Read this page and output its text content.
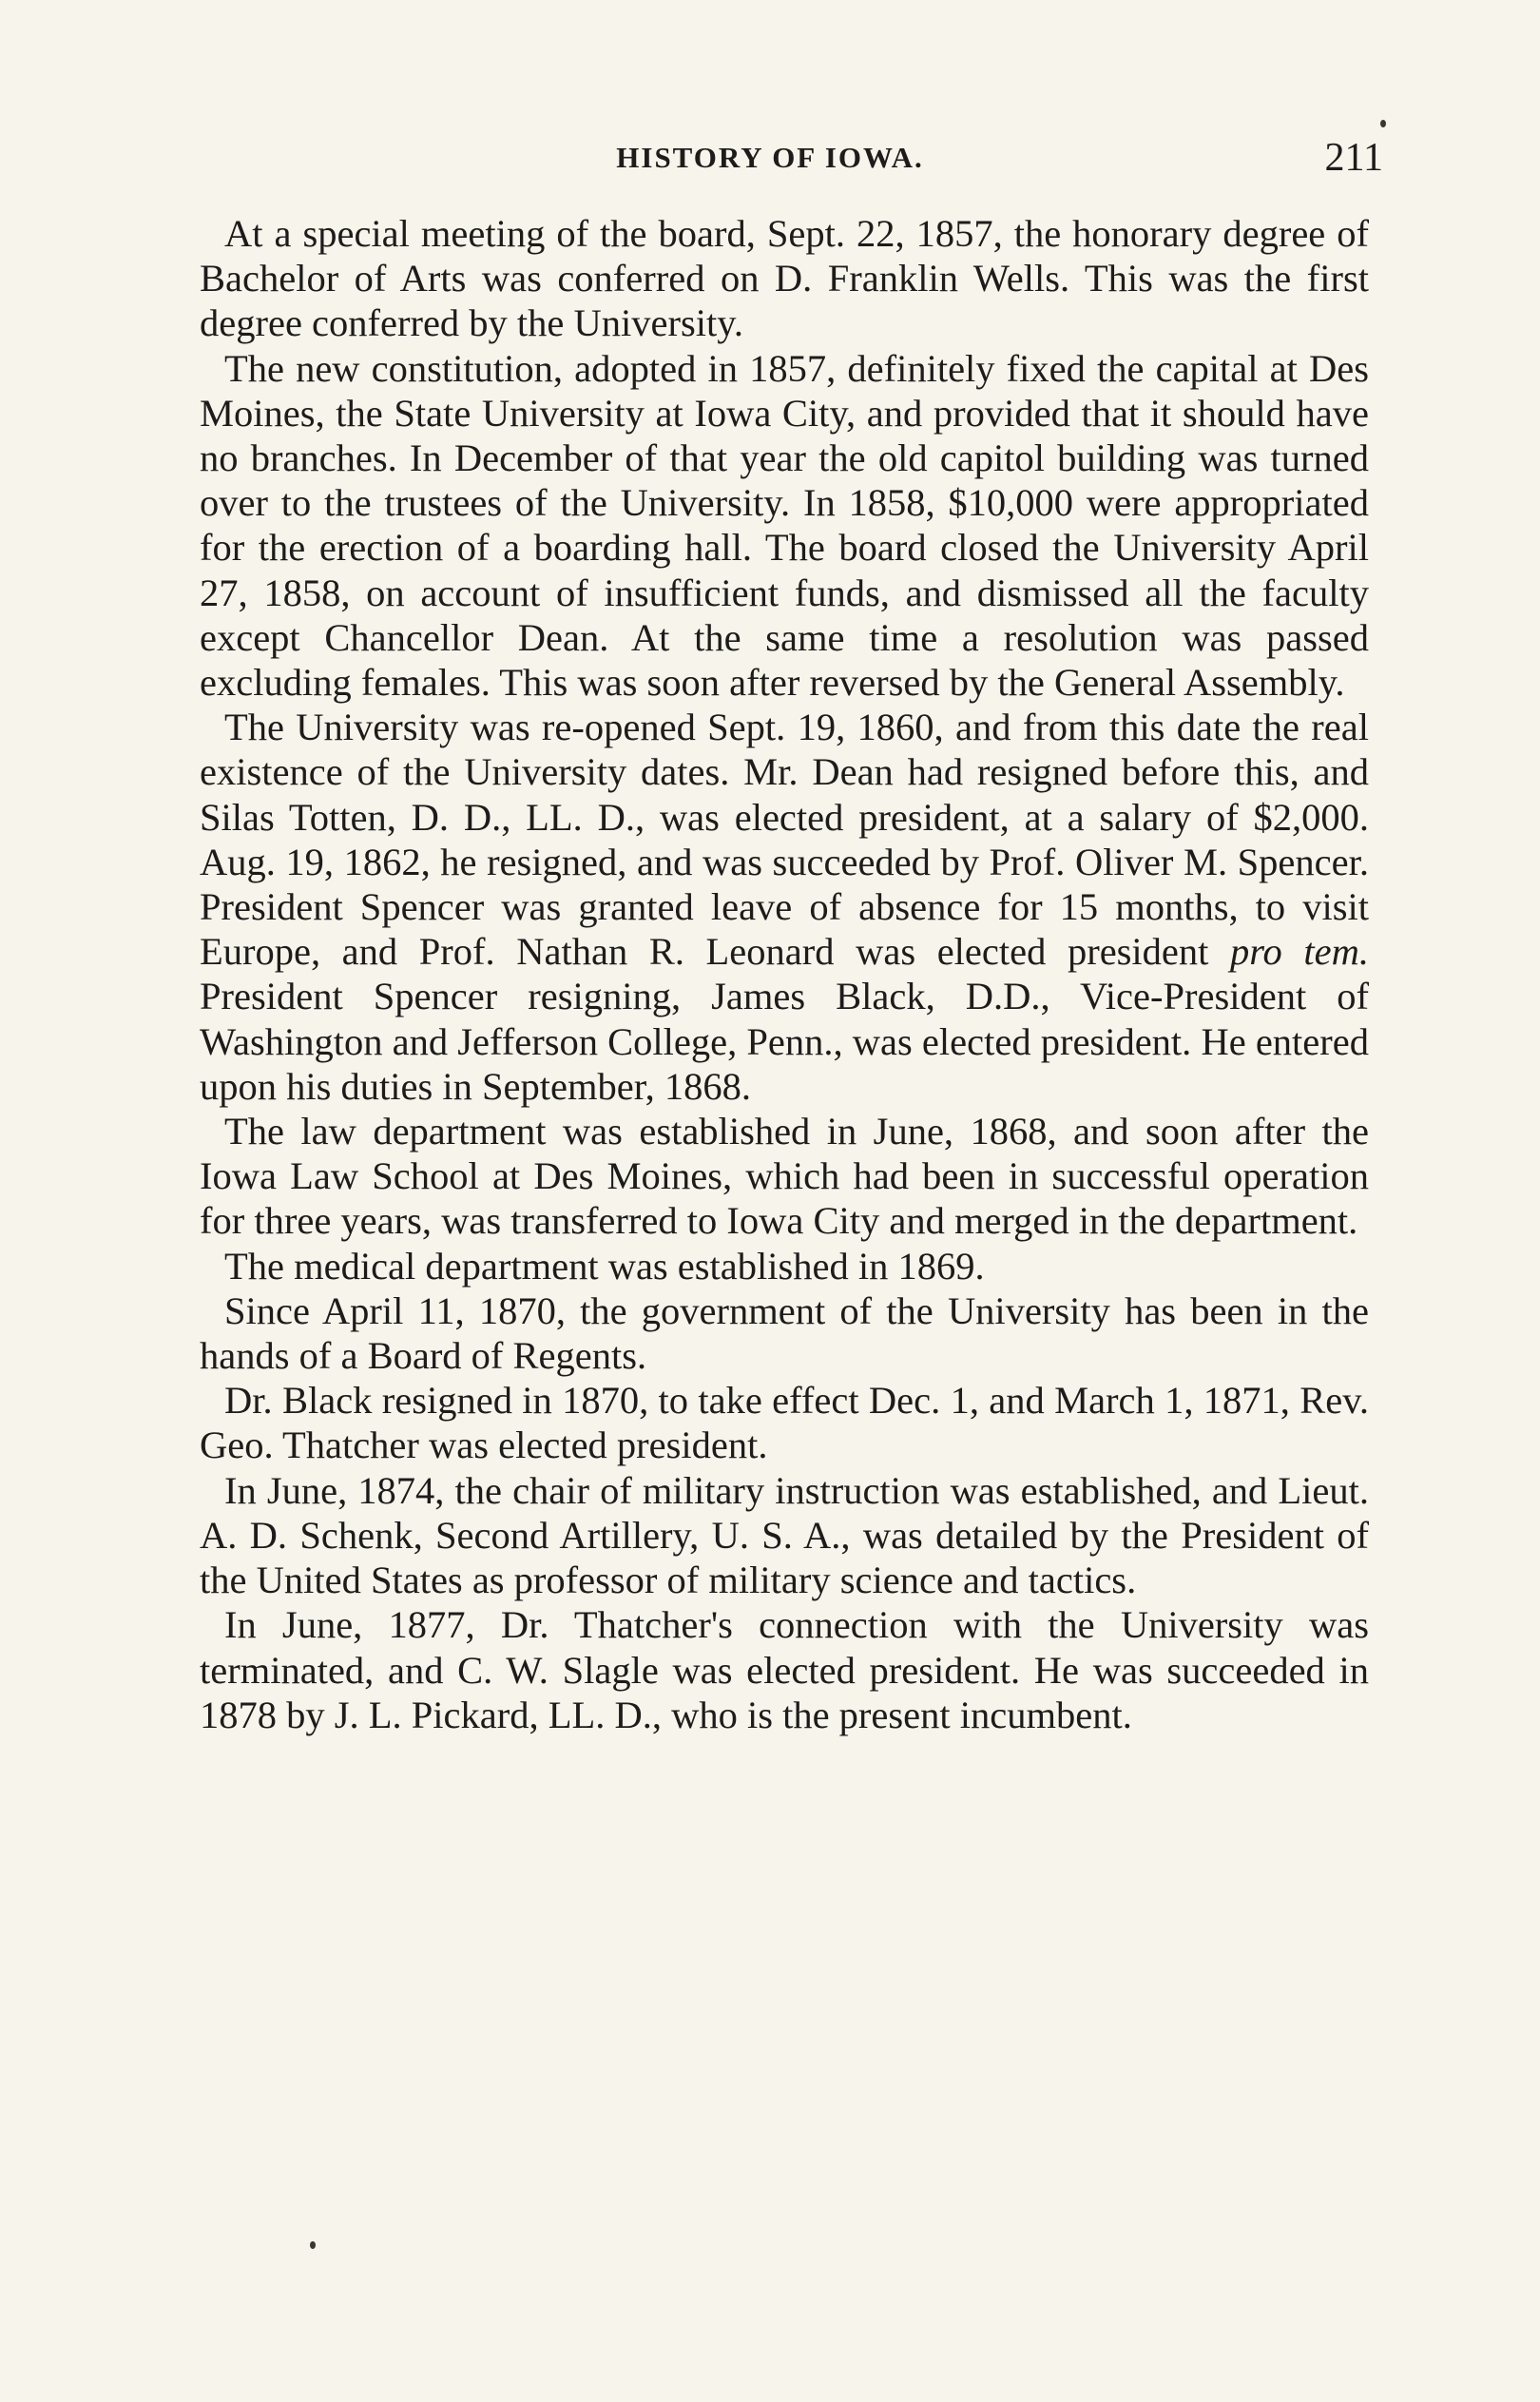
HISTORY OF IOWA.	211

At a special meeting of the board, Sept. 22, 1857, the honorary degree of Bachelor of Arts was conferred on D. Franklin Wells. This was the first degree conferred by the University.

The new constitution, adopted in 1857, definitely fixed the capital at Des Moines, the State University at Iowa City, and provided that it should have no branches. In December of that year the old capitol building was turned over to the trustees of the University. In 1858, $10,000 were appropriated for the erection of a boarding hall. The board closed the University April 27, 1858, on account of insufficient funds, and dismissed all the faculty except Chancellor Dean. At the same time a resolution was passed excluding females. This was soon after reversed by the General Assembly.

The University was re-opened Sept. 19, 1860, and from this date the real existence of the University dates. Mr. Dean had resigned before this, and Silas Totten, D. D., LL. D., was elected president, at a salary of $2,000. Aug. 19, 1862, he resigned, and was succeeded by Prof. Oliver M. Spencer. President Spencer was granted leave of absence for 15 months, to visit Europe, and Prof. Nathan R. Leonard was elected president pro tem. President Spencer resigning, James Black, D.D., Vice-President of Washington and Jefferson College, Penn., was elected president. He entered upon his duties in September, 1868.

The law department was established in June, 1868, and soon after the Iowa Law School at Des Moines, which had been in successful operation for three years, was transferred to Iowa City and merged in the department.

The medical department was established in 1869.

Since April 11, 1870, the government of the University has been in the hands of a Board of Regents.

Dr. Black resigned in 1870, to take effect Dec. 1, and March 1, 1871, Rev. Geo. Thatcher was elected president.

In June, 1874, the chair of military instruction was established, and Lieut. A. D. Schenk, Second Artillery, U. S. A., was detailed by the President of the United States as professor of military science and tactics.

In June, 1877, Dr. Thatcher's connection with the University was terminated, and C. W. Slagle was elected president. He was succeeded in 1878 by J. L. Pickard, LL. D., who is the present incumbent.
